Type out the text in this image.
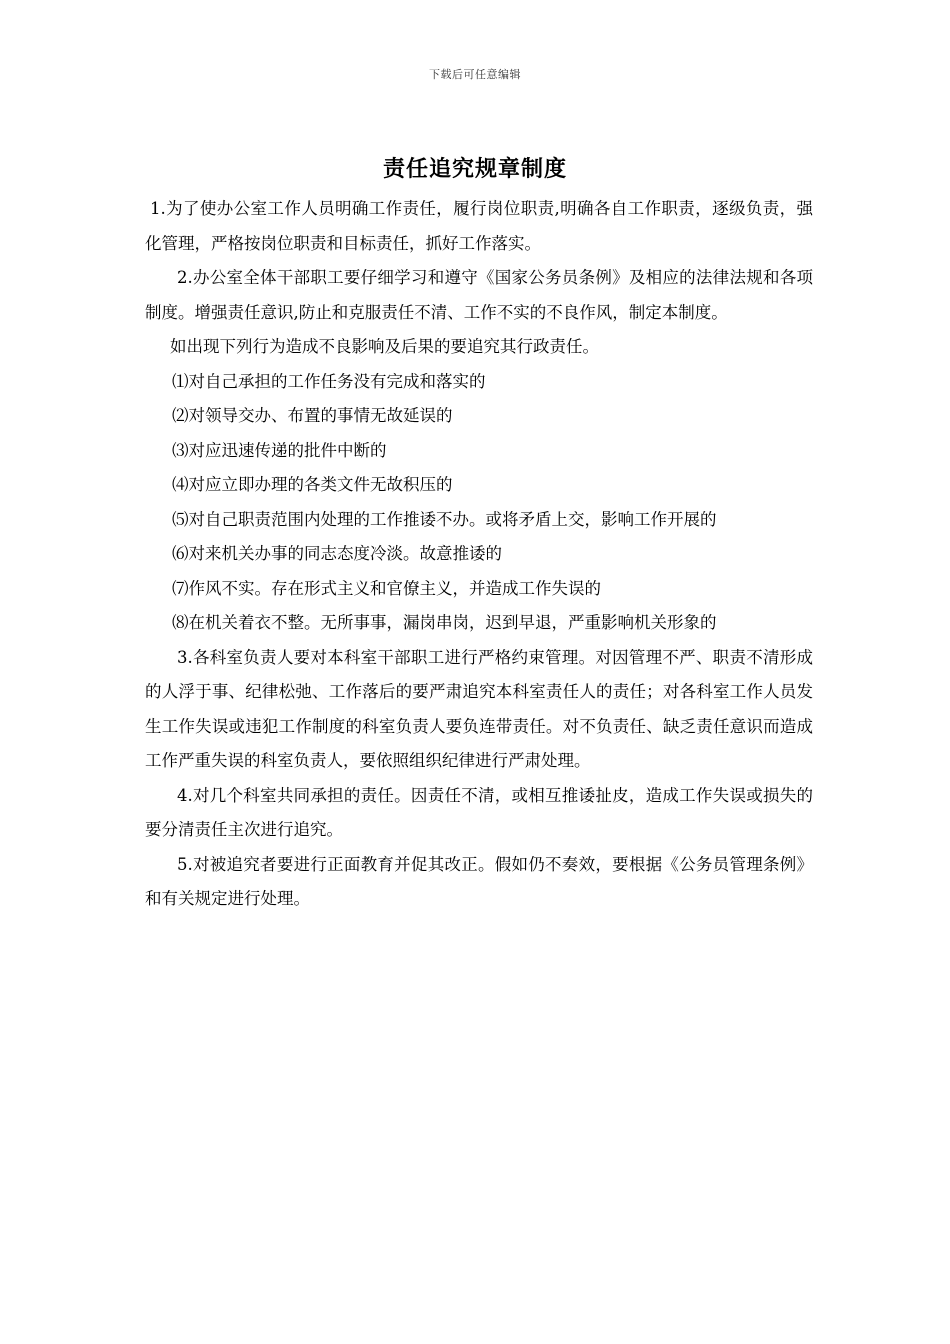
下载后可任意编辑
责任追究规章制度

1.为了使办公室工作人员明确工作责任，履行岗位职责,明确各自工作职责，逐级负责，强化管理，严格按岗位职责和目标责任，抓好工作落实。

2.办公室全体干部职工要仔细学习和遵守《国家公务员条例》及相应的法律法规和各项制度。增强责任意识,防止和克服责任不清、工作不实的不良作风，制定本制度。

如出现下列行为造成不良影响及后果的要追究其行政责任。

⑴对自己承担的工作任务没有完成和落实的

⑵对领导交办、布置的事情无故延误的

⑶对应迅速传递的批件中断的

⑷对应立即办理的各类文件无故积压的

⑸对自己职责范围内处理的工作推诿不办。或将矛盾上交，影响工作开展的

⑹对来机关办事的同志态度冷淡。故意推诿的

⑺作风不实。存在形式主义和官僚主义，并造成工作失误的

⑻在机关着衣不整。无所事事，漏岗串岗，迟到早退，严重影响机关形象的

3.各科室负责人要对本科室干部职工进行严格约束管理。对因管理不严、职责不清形成的人浮于事、纪律松弛、工作落后的要严肃追究本科室责任人的责任；对各科室工作人员发生工作失误或违犯工作制度的科室负责人要负连带责任。对不负责任、缺乏责任意识而造成工作严重失误的科室负责人，要依照组织纪律进行严肃处理。

4.对几个科室共同承担的责任。因责任不清，或相互推诿扯皮，造成工作失误或损失的要分清责任主次进行追究。

5.对被追究者要进行正面教育并促其改正。假如仍不奏效，要根据《公务员管理条例》和有关规定进行处理。
